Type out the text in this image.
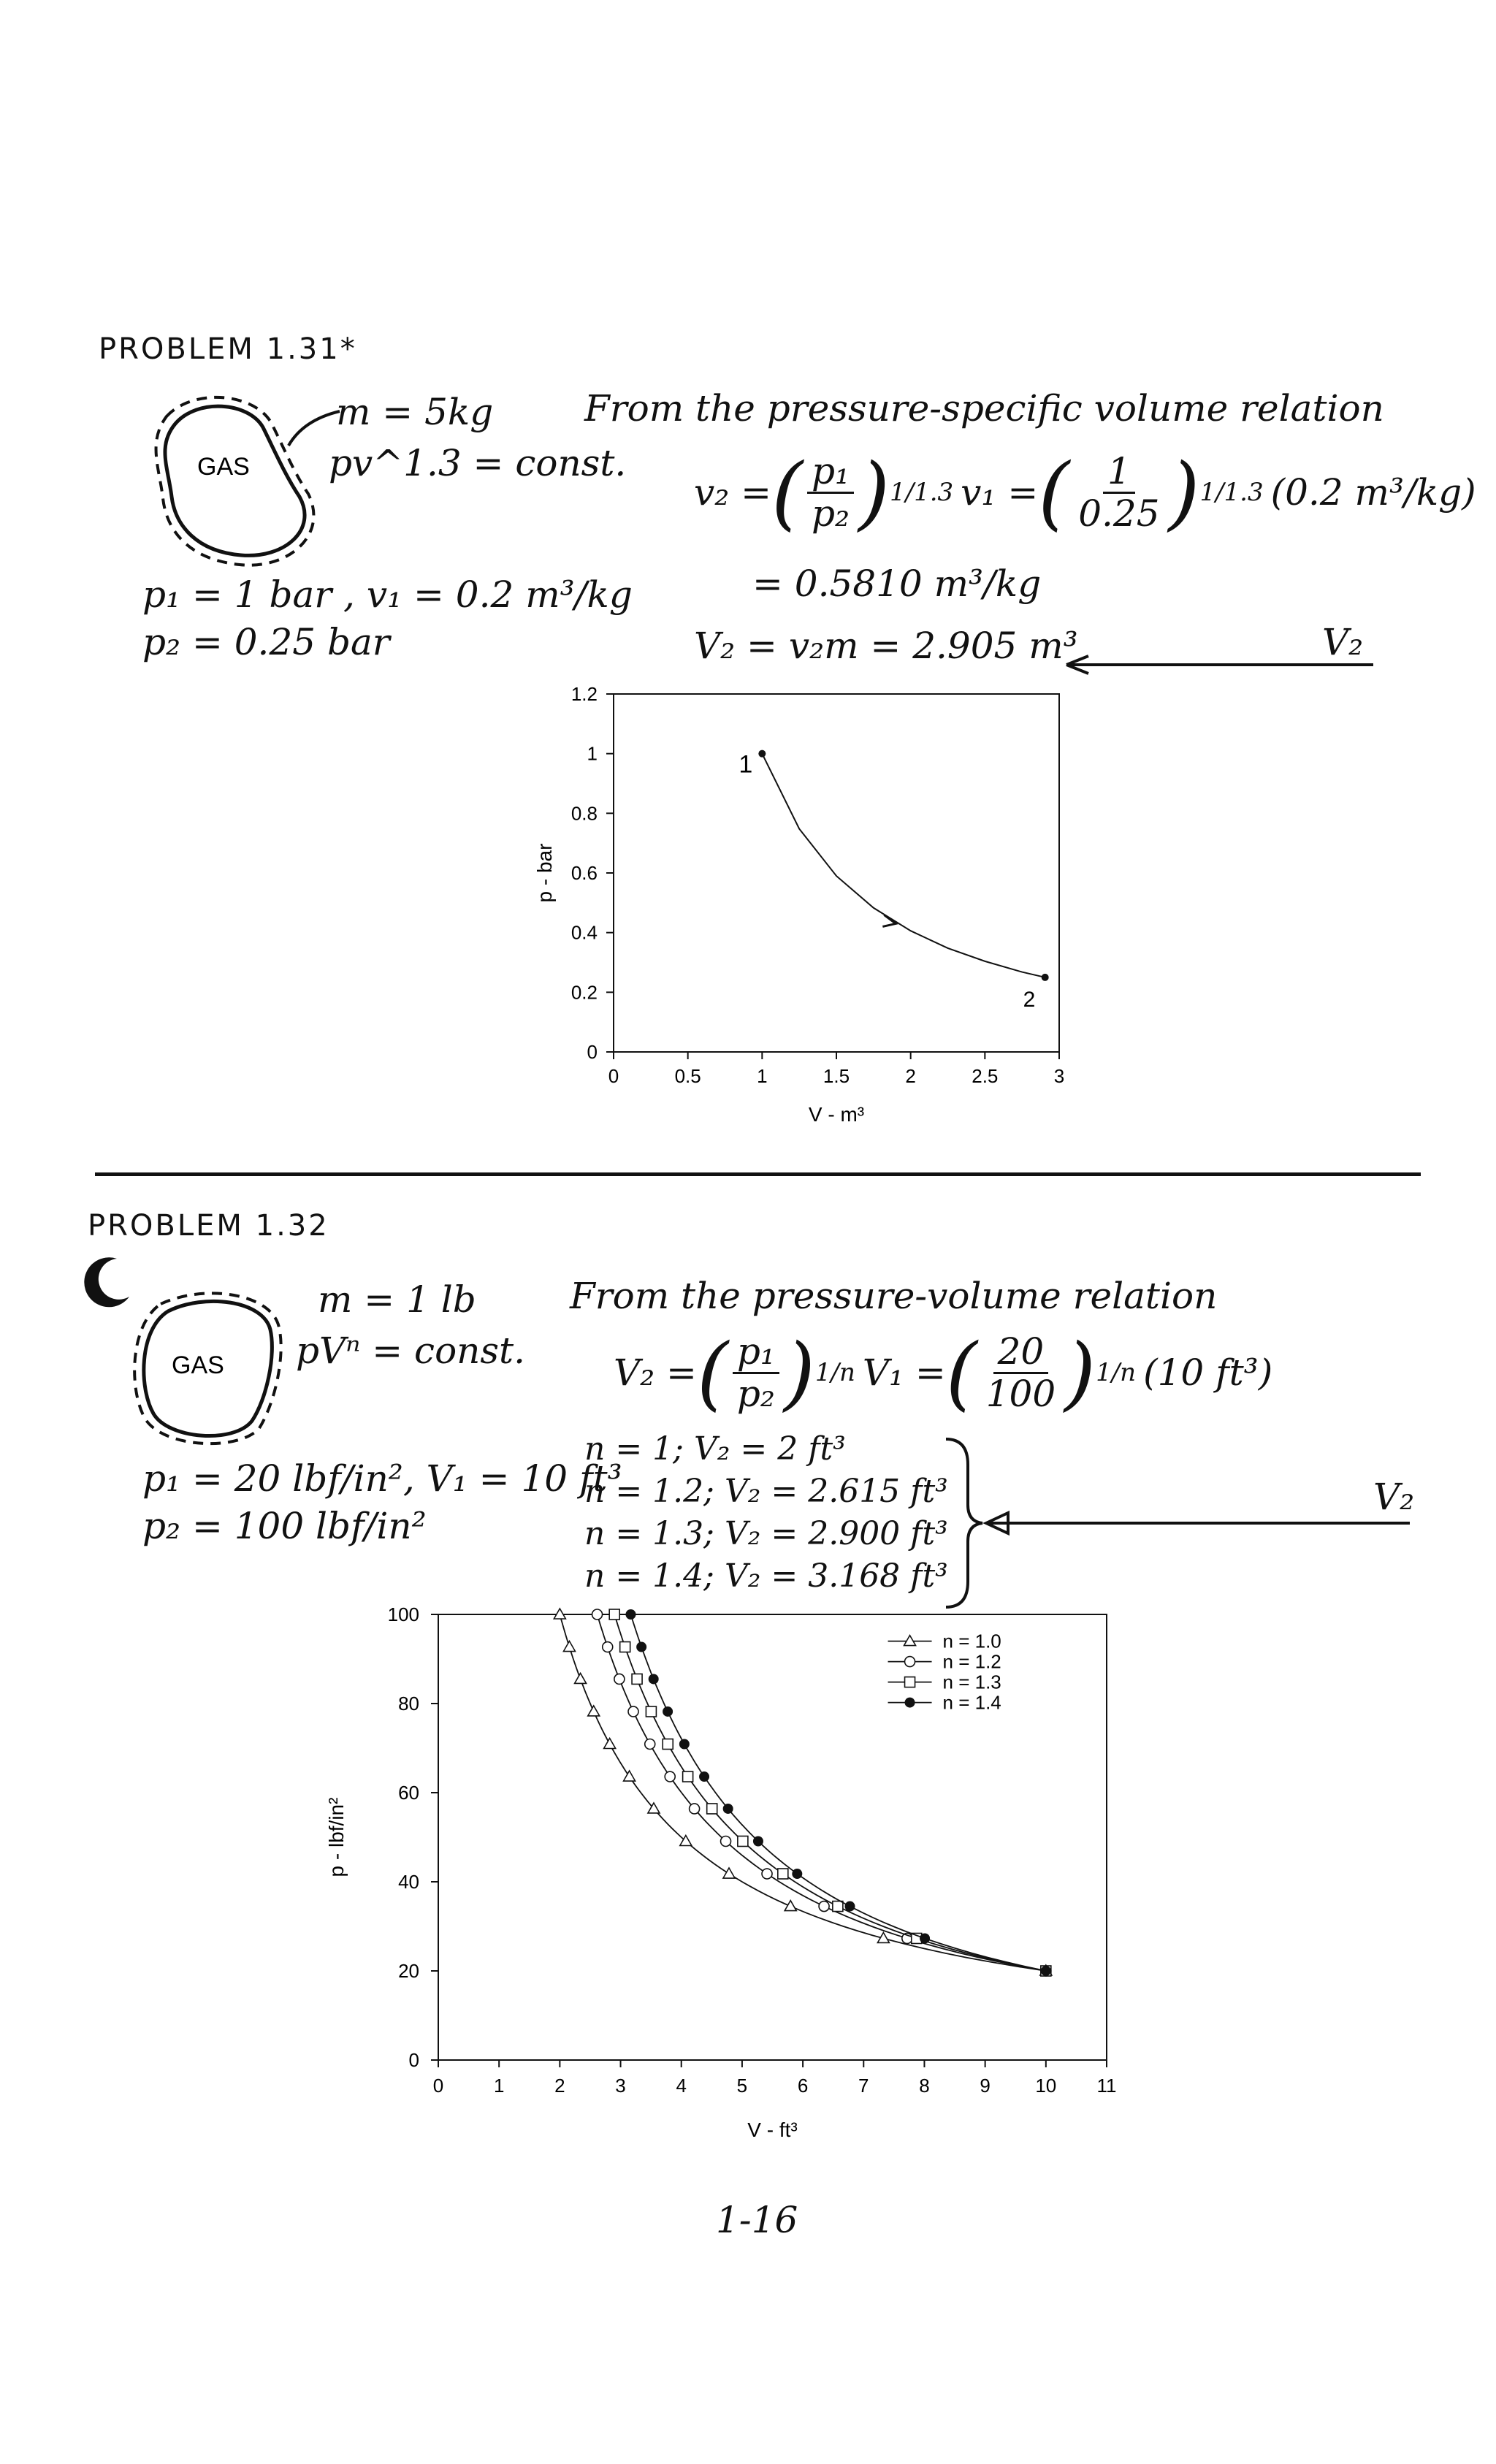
PROBLEM 1.31*
GAS
m = 5kg
pv^1.3 = const.
p₁ = 1 bar , v₁ = 0.2 m³/kg
p₂ = 0.25 bar
From the pressure-specific volume relation
v₂ = ( $\frac{\text{p₁}}{\text{p₂}}$ ) 1/1.3 v₁ = ( $\frac{1}{0.25}$ ) 1/1.3 (0.2 m³/kg)
= 0.5810 m³/kg
V₂ = v₂m = 2.905 m³	V₂
0	0.5	1	1.5	2	2.5	3
0
0.2
0.4
0.6
0.8
1
1.2
V - m³
p - bar
1
2
PROBLEM 1.32
GAS
m = 1 lb
pVⁿ = const.
p₁ = 20 lbf/in², V₁ = 10 ft³
p₂ = 100 lbf/in²
From the pressure-volume relation
V₂ = ( $\frac{\text{p₁}}{\text{p₂}}$ ) 1/n V₁ = ( $\frac{20}{100}$ ) 1/n (10 ft³)
n = 1; V₂ = 2 ft³
n = 1.2; V₂ = 2.615 ft³
n = 1.3; V₂ = 2.900 ft³
n = 1.4; V₂ = 3.168 ft³
V₂
0	1	2	3	4	5	6	7	8	9 10 11
0
20
40
60
80
100
V - ft³
p - lbf/in²
n = 1.0
n = 1.2
n = 1.3
n = 1.4
1-16
